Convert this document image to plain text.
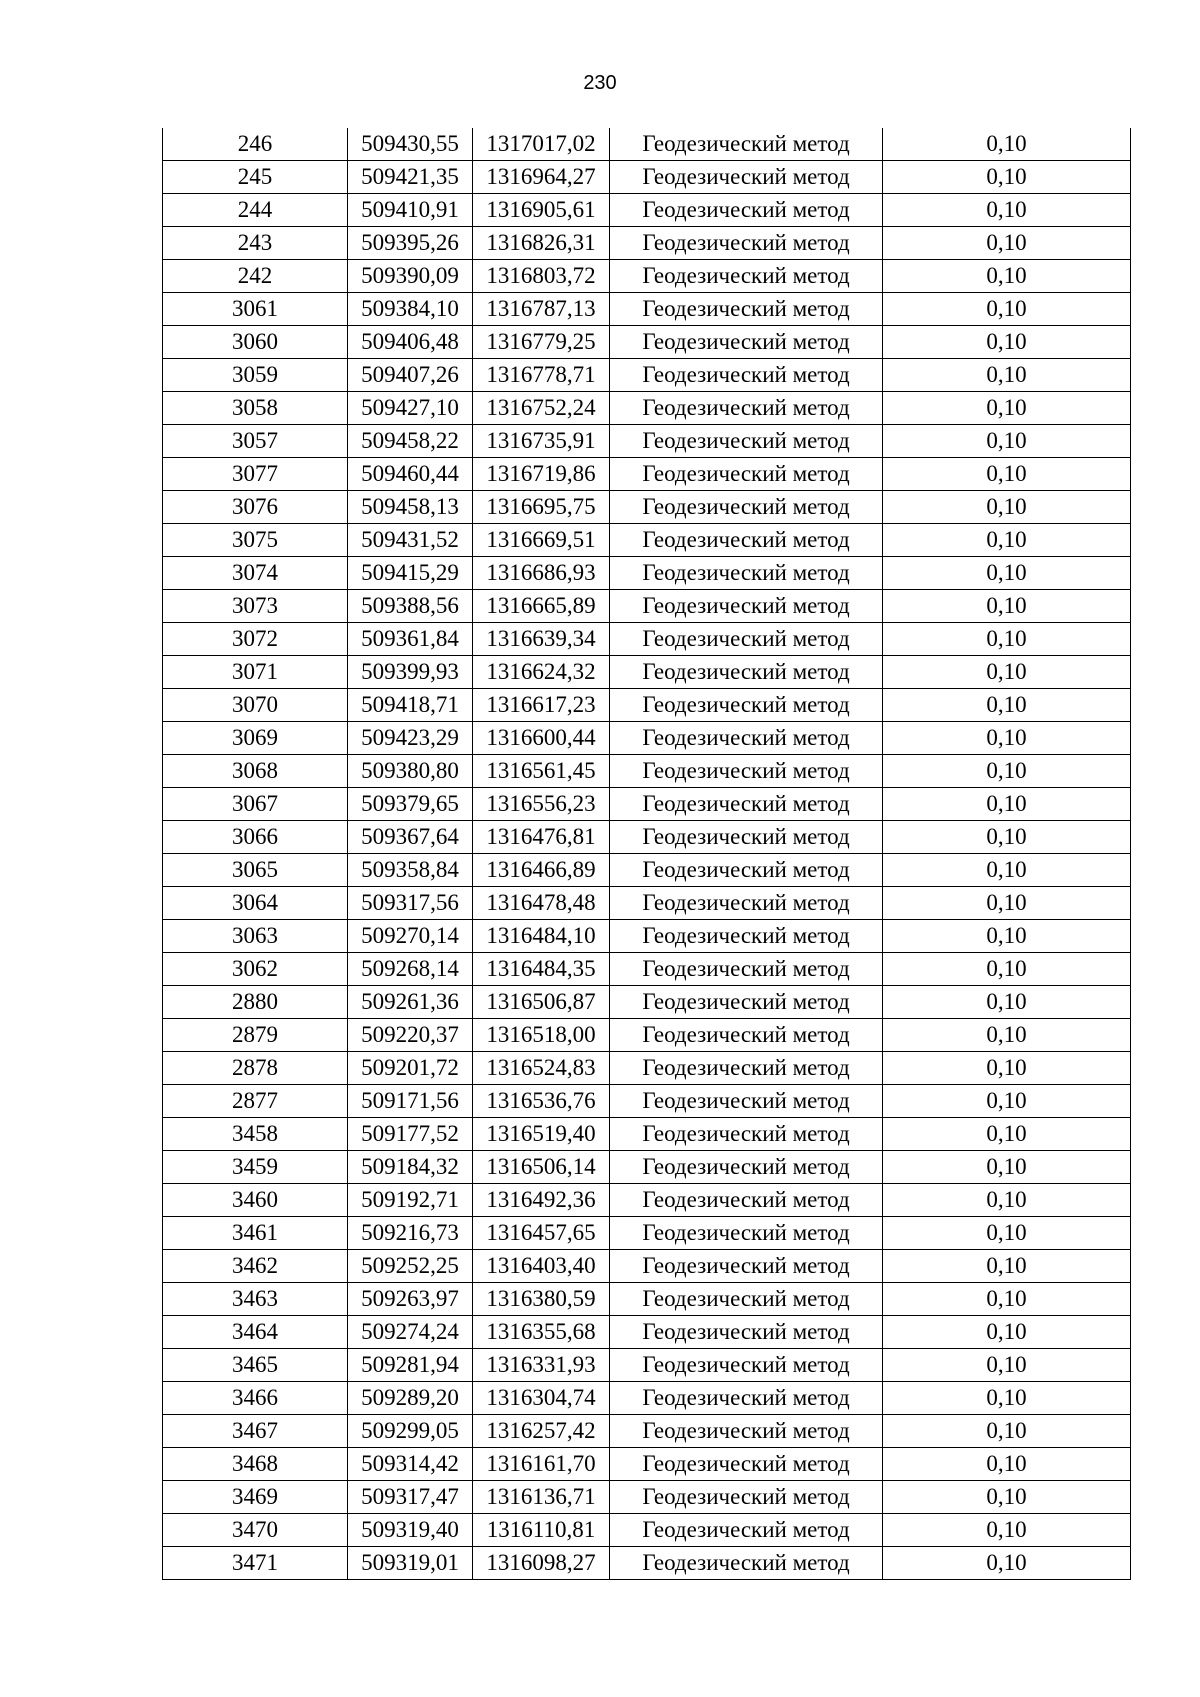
230
246	509430,55	1317017,02	Геодезический метод	0,10
245	509421,35	1316964,27	Геодезический метод	0,10
244	509410,91	1316905,61	Геодезический метод	0,10
243	509395,26	1316826,31	Геодезический метод	0,10
242	509390,09	1316803,72	Геодезический метод	0,10
3061	509384,10	1316787,13	Геодезический метод	0,10
3060	509406,48	1316779,25	Геодезический метод	0,10
3059	509407,26	1316778,71	Геодезический метод	0,10
3058	509427,10	1316752,24	Геодезический метод	0,10
3057	509458,22	1316735,91	Геодезический метод	0,10
3077	509460,44	1316719,86	Геодезический метод	0,10
3076	509458,13	1316695,75	Геодезический метод	0,10
3075	509431,52	1316669,51	Геодезический метод	0,10
3074	509415,29	1316686,93	Геодезический метод	0,10
3073	509388,56	1316665,89	Геодезический метод	0,10
3072	509361,84	1316639,34	Геодезический метод	0,10
3071	509399,93	1316624,32	Геодезический метод	0,10
3070	509418,71	1316617,23	Геодезический метод	0,10
3069	509423,29	1316600,44	Геодезический метод	0,10
3068	509380,80	1316561,45	Геодезический метод	0,10
3067	509379,65	1316556,23	Геодезический метод	0,10
3066	509367,64	1316476,81	Геодезический метод	0,10
3065	509358,84	1316466,89	Геодезический метод	0,10
3064	509317,56	1316478,48	Геодезический метод	0,10
3063	509270,14	1316484,10	Геодезический метод	0,10
3062	509268,14	1316484,35	Геодезический метод	0,10
2880	509261,36	1316506,87	Геодезический метод	0,10
2879	509220,37	1316518,00	Геодезический метод	0,10
2878	509201,72	1316524,83	Геодезический метод	0,10
2877	509171,56	1316536,76	Геодезический метод	0,10
3458	509177,52	1316519,40	Геодезический метод	0,10
3459	509184,32	1316506,14	Геодезический метод	0,10
3460	509192,71	1316492,36	Геодезический метод	0,10
3461	509216,73	1316457,65	Геодезический метод	0,10
3462	509252,25	1316403,40	Геодезический метод	0,10
3463	509263,97	1316380,59	Геодезический метод	0,10
3464	509274,24	1316355,68	Геодезический метод	0,10
3465	509281,94	1316331,93	Геодезический метод	0,10
3466	509289,20	1316304,74	Геодезический метод	0,10
3467	509299,05	1316257,42	Геодезический метод	0,10
3468	509314,42	1316161,70	Геодезический метод	0,10
3469	509317,47	1316136,71	Геодезический метод	0,10
3470	509319,40	1316110,81	Геодезический метод	0,10
3471	509319,01	1316098,27	Геодезический метод	0,10
